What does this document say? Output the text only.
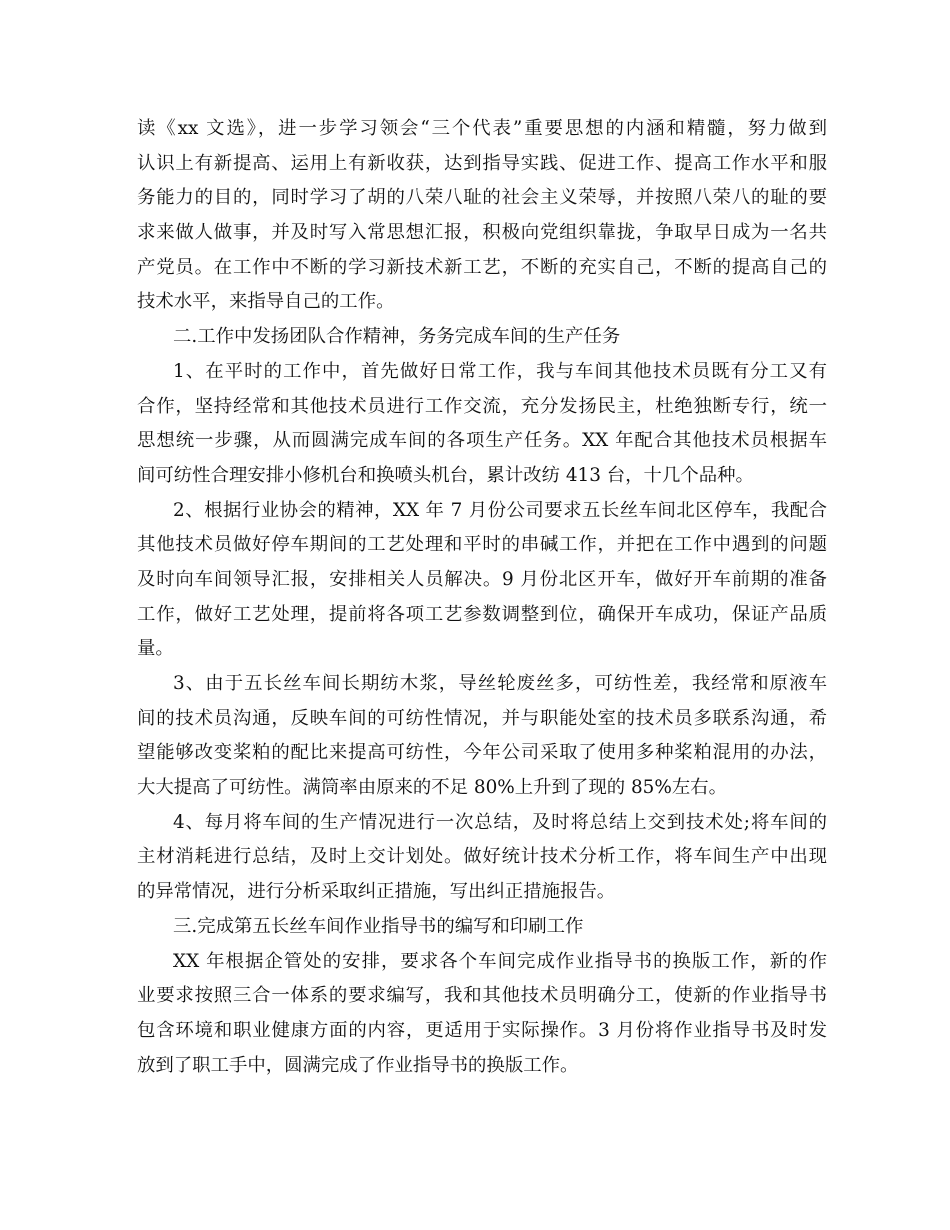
读《xx 文选》，进一步学习领会“三个代表”重要思想的内涵和精髓，努力做到
认识上有新提高、运用上有新收获，达到指导实践、促进工作、提高工作水平和服
务能力的目的，同时学习了胡的八荣八耻的社会主义荣辱，并按照八荣八的耻的要
求来做人做事，并及时写入常思想汇报，积极向党组织靠拢，争取早日成为一名共
产党员。在工作中不断的学习新技术新工艺，不断的充实自己，不断的提高自己的
技术水平，来指导自己的工作。
二.工作中发扬团队合作精神，务务完成车间的生产任务
1、在平时的工作中，首先做好日常工作，我与车间其他技术员既有分工又有
合作，坚持经常和其他技术员进行工作交流，充分发扬民主，杜绝独断专行，统一
思想统一步骤，从而圆满完成车间的各项生产任务。XX 年配合其他技术员根据车
间可纺性合理安排小修机台和换喷头机台，累计改纺 413 台，十几个品种。
2、根据行业协会的精神，XX 年 7 月份公司要求五长丝车间北区停车，我配合
其他技术员做好停车期间的工艺处理和平时的串碱工作，并把在工作中遇到的问题
及时向车间领导汇报，安排相关人员解决。9 月份北区开车，做好开车前期的准备
工作，做好工艺处理，提前将各项工艺参数调整到位，确保开车成功，保证产品质
量。
3、由于五长丝车间长期纺木浆，导丝轮废丝多，可纺性差，我经常和原液车
间的技术员沟通，反映车间的可纺性情况，并与职能处室的技术员多联系沟通，希
望能够改变桨粕的配比来提高可纺性，今年公司采取了使用多种桨粕混用的办法，
大大提高了可纺性。满筒率由原来的不足 80%上升到了现的 85%左右。
4、每月将车间的生产情况进行一次总结，及时将总结上交到技术处;将车间的
主材消耗进行总结，及时上交计划处。做好统计技术分析工作，将车间生产中出现
的异常情况，进行分析采取纠正措施，写出纠正措施报告。
三.完成第五长丝车间作业指导书的编写和印刷工作
XX 年根据企管处的安排，要求各个车间完成作业指导书的换版工作，新的作
业要求按照三合一体系的要求编写，我和其他技术员明确分工，使新的作业指导书
包含环境和职业健康方面的内容，更适用于实际操作。3 月份将作业指导书及时发
放到了职工手中，圆满完成了作业指导书的换版工作。
